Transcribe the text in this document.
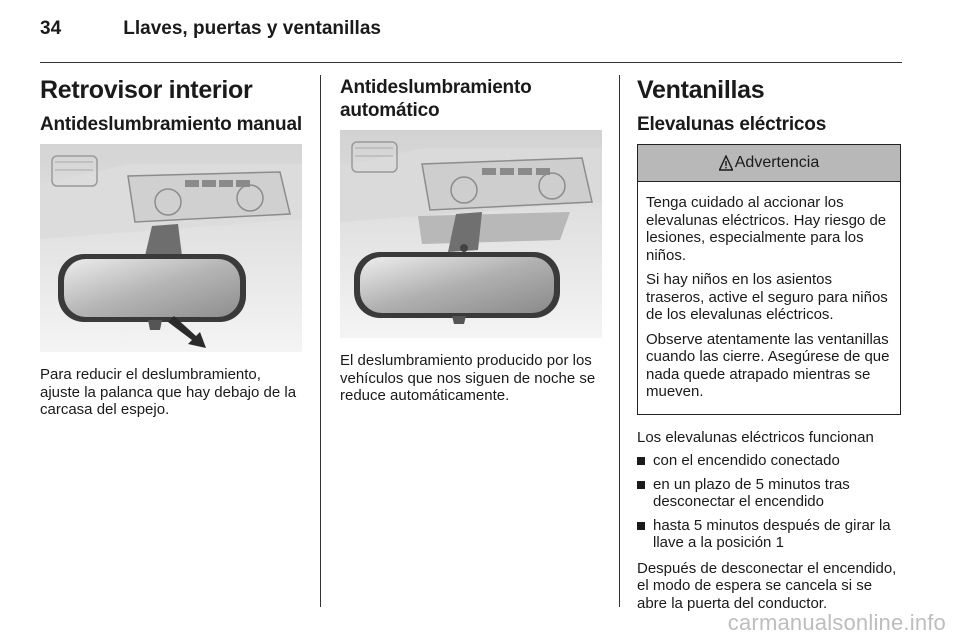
34	Llaves, puertas y ventanillas
Retrovisor interior
Antideslumbramiento manual

Para reducir el deslumbramiento, ajuste la palanca que hay debajo de la carcasa del espejo.

Antideslumbramiento automático

El deslumbramiento producido por los vehículos que nos siguen de noche se reduce automáticamente.

Ventanillas
Elevalunas eléctricos
Advertencia

Tenga cuidado al accionar los elevalunas eléctricos. Hay riesgo de lesiones, especialmente para los niños.

Si hay niños en los asientos traseros, active el seguro para niños de los elevalunas eléctricos.

Observe atentamente las ventanillas cuando las cierre. Asegúrese de que nada quede atrapado mientras se mueven.

Los elevalunas eléctricos funcionan

con el encendido conectado
en un plazo de 5 minutos tras desconectar el encendido
hasta 5 minutos después de girar la llave a la posición 1

Después de desconectar el encendido, el modo de espera se cancela si se abre la puerta del conductor.

carmanualsonline.info
